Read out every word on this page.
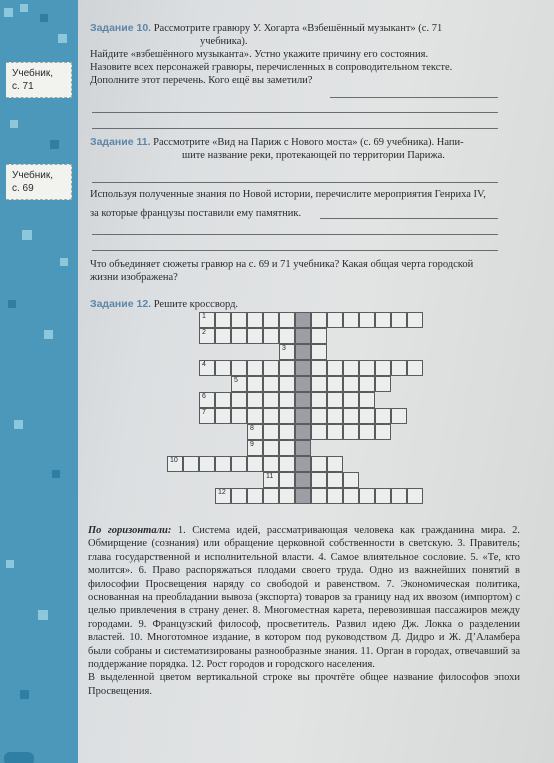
Учебник,
с. 71
Задание 10. Рассмотрите гравюру У. Хогарта «Взбешённый музыкант» (с. 71
учебника).
Найдите «взбешённого музыканта». Устно укажите причину его состояния.
Назовите всех персонажей гравюры, перечисленных в сопроводительном тексте.
Дополните этот перечень. Кого ещё вы заметили?
Учебник,
с. 69
Задание 11. Рассмотрите «Вид на Париж с Нового моста» (с. 69 учебника). Напи-
шите название реки, протекающей по территории Парижа.
Используя полученные знания по Новой истории, перечислите мероприятия Генриха IV,
за которые французы поставили ему памятник.
Что объединяет сюжеты гравюр на с. 69 и 71 учебника? Какая общая черта городской
жизни изображена?
Задание 12. Решите кроссворд.
1
2
3
4
5
6
7
8
9
10
11
12
По горизонтали: 1. Система идей, рассматривающая человека как гражданина мира. 2. Обмирщение (сознания) или обращение церковной собственности в светскую. 3. Правитель; глава государственной и исполнительной власти. 4. Самое влиятельное сословие. 5. «Те, кто молится». 6. Право распоряжаться плодами своего труда. Одно из важнейших понятий в философии Просвещения наряду со свободой и равенством. 7. Экономическая политика, основанная на преобладании вывоза (экспорта) товаров за границу над их ввозом (импортом) с целью привлечения в страну денег. 8. Многоместная карета, перевозившая пассажиров между городами. 9. Французский философ, просветитель. Развил идею Дж. Локка о разделении властей. 10. Многотомное издание, в котором под руководством Д. Дидро и Ж. Д’Аламбера были собраны и систематизированы разнообразные знания. 11. Орган в городах, отвечавший за поддержание порядка. 12. Рост городов и городского населения.
В выделенной цветом вертикальной строке вы прочтёте общее название философов эпохи Просвещения.
